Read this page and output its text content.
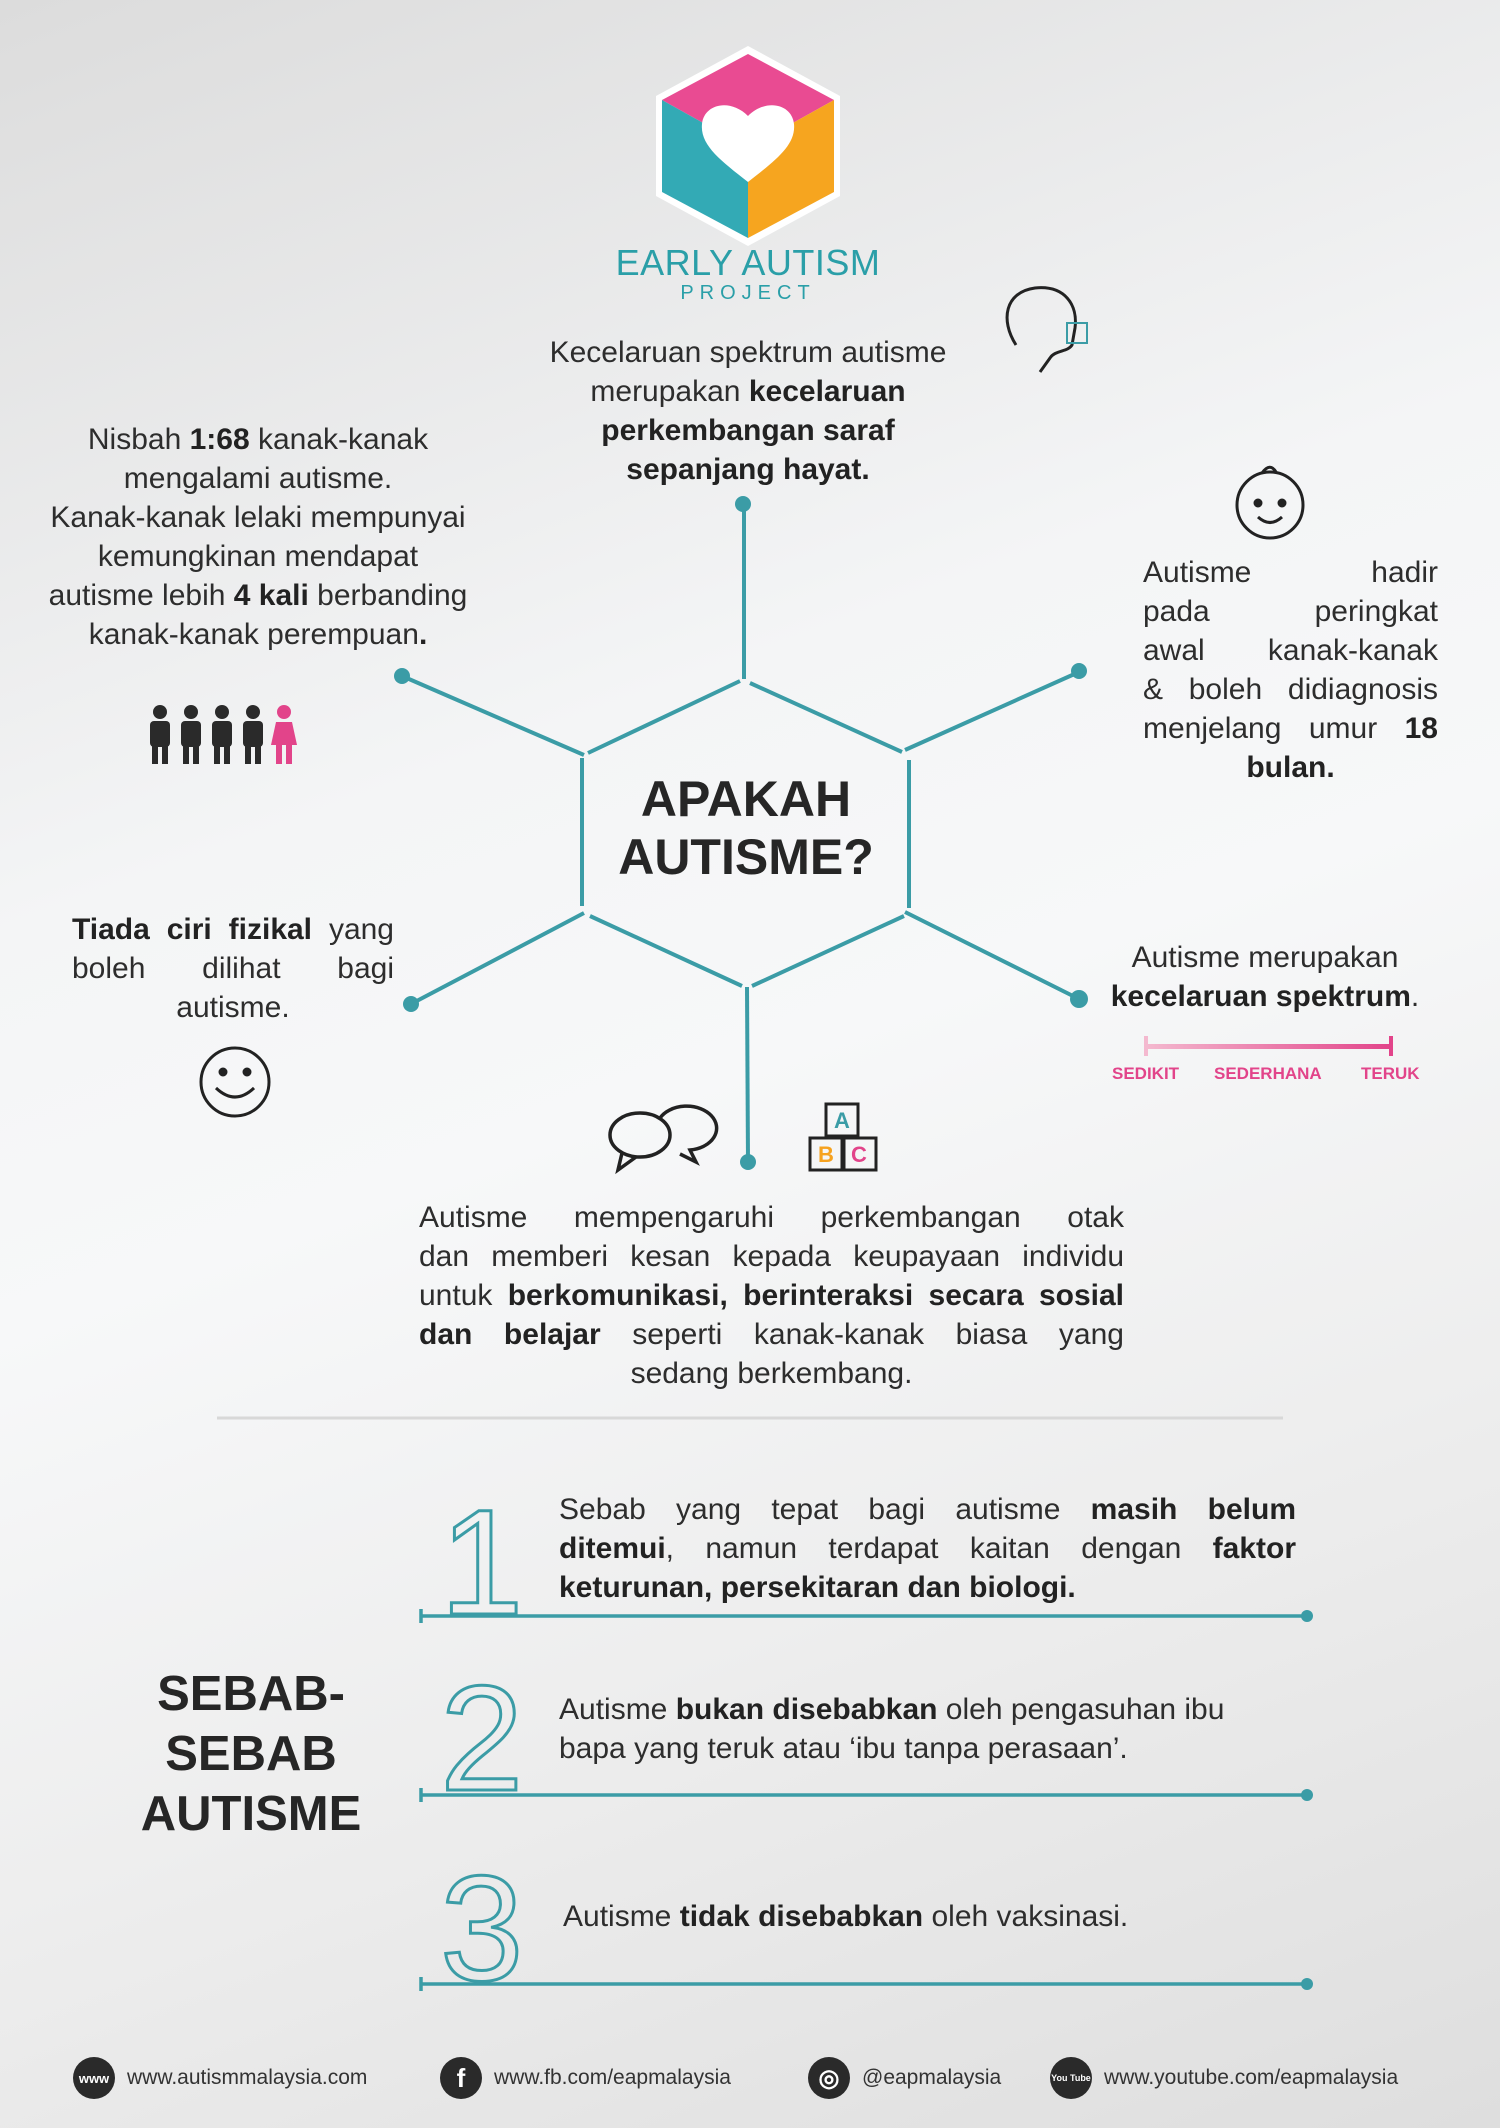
A
B C
1
2
3
EARLY AUTISM
PROJECT
Kecelaruan spektrum autisme
merupakan kecelaruan
perkembangan saraf
sepanjang hayat.
Nisbah 1:68 kanak-kanak
mengalami autisme.
Kanak-kanak lelaki mempunyai
kemungkinan mendapat
autisme lebih 4 kali berbanding
kanak-kanak perempuan.
Autisme hadir
pada peringkat
awal kanak-kanak
& boleh didiagnosis
menjelang umur 18
bulan.
Tiada ciri fizikal yang
boleh dilihat bagi
autisme.
Autisme merupakan
kecelaruan spektrum.
Autisme mempengaruhi perkembangan otak
dan memberi kesan kepada keupayaan individu
untuk berkomunikasi, berinteraksi secara sosial
dan belajar seperti kanak-kanak biasa yang
sedang berkembang.
APAKAH
AUTISME?
SEDIKIT SEDERHANA TERUK
SEBAB-
SEBAB
AUTISME
Sebab yang tepat bagi autisme masih belum
ditemui, namun terdapat kaitan dengan faktor
keturunan, persekitaran dan biologi.
Autisme bukan disebabkan oleh pengasuhan ibu
bapa yang teruk atau ‘ibu tanpa perasaan’.
Autisme tidak disebabkan oleh vaksinasi.
www www.autismmalaysia.com	f	www.fb.com/eapmalaysia	◎	@eapmalaysia	You Tube www.youtube.com/eapmalaysia
